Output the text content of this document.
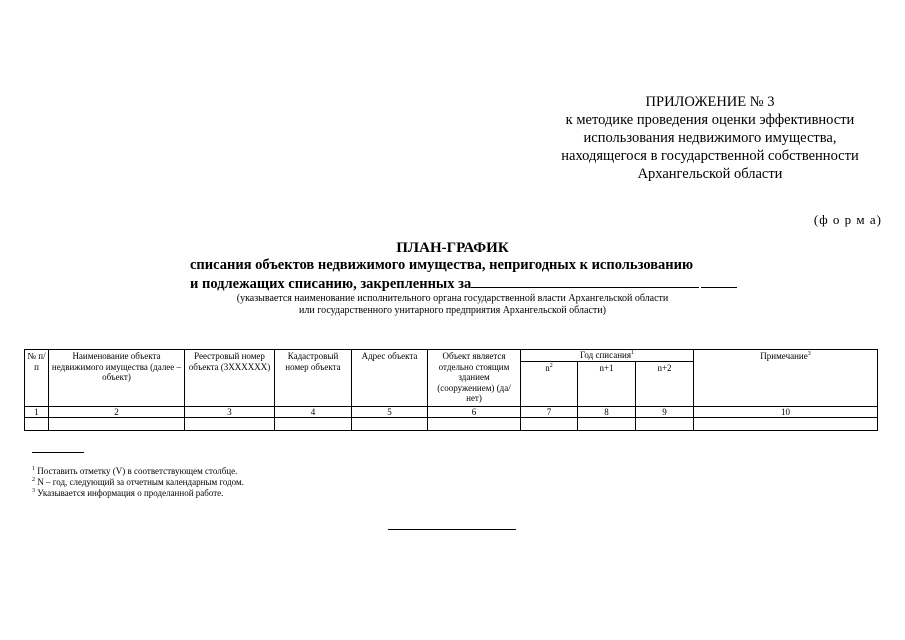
ПРИЛОЖЕНИЕ № 3
к методике проведения оценки эффективности
использования недвижимого имущества,
находящегося в государственной собственности
Архангельской области
(ф о р м а)
ПЛАН-ГРАФИК
списания объектов недвижимого имущества, непригодных к использованию
и подлежащих списанию, закрепленных за
(указывается наименование исполнительного органа государственной власти Архангельской области
или государственного унитарного предприятия Архангельской области)
№ п/п	Наименование объекта недвижимого имущества (далее – объект)	Реестровый номер объекта (3ХХХХХХ)	Кадастровый номер объекта	Адрес объекта	Объект является отдельно стоящим зданием (сооружением) (да/нет)	Год списания$^1$			Примечание$^3$
						$n^2$	n+1	n+2	
1	2	3	4	5	6	7	8	9	10

$^1$ Поставить отметку (V) в соответствующем столбце.
$^2$ N – год, следующий за отчетным календарным годом.
$^3$ Указывается информация о проделанной работе.
